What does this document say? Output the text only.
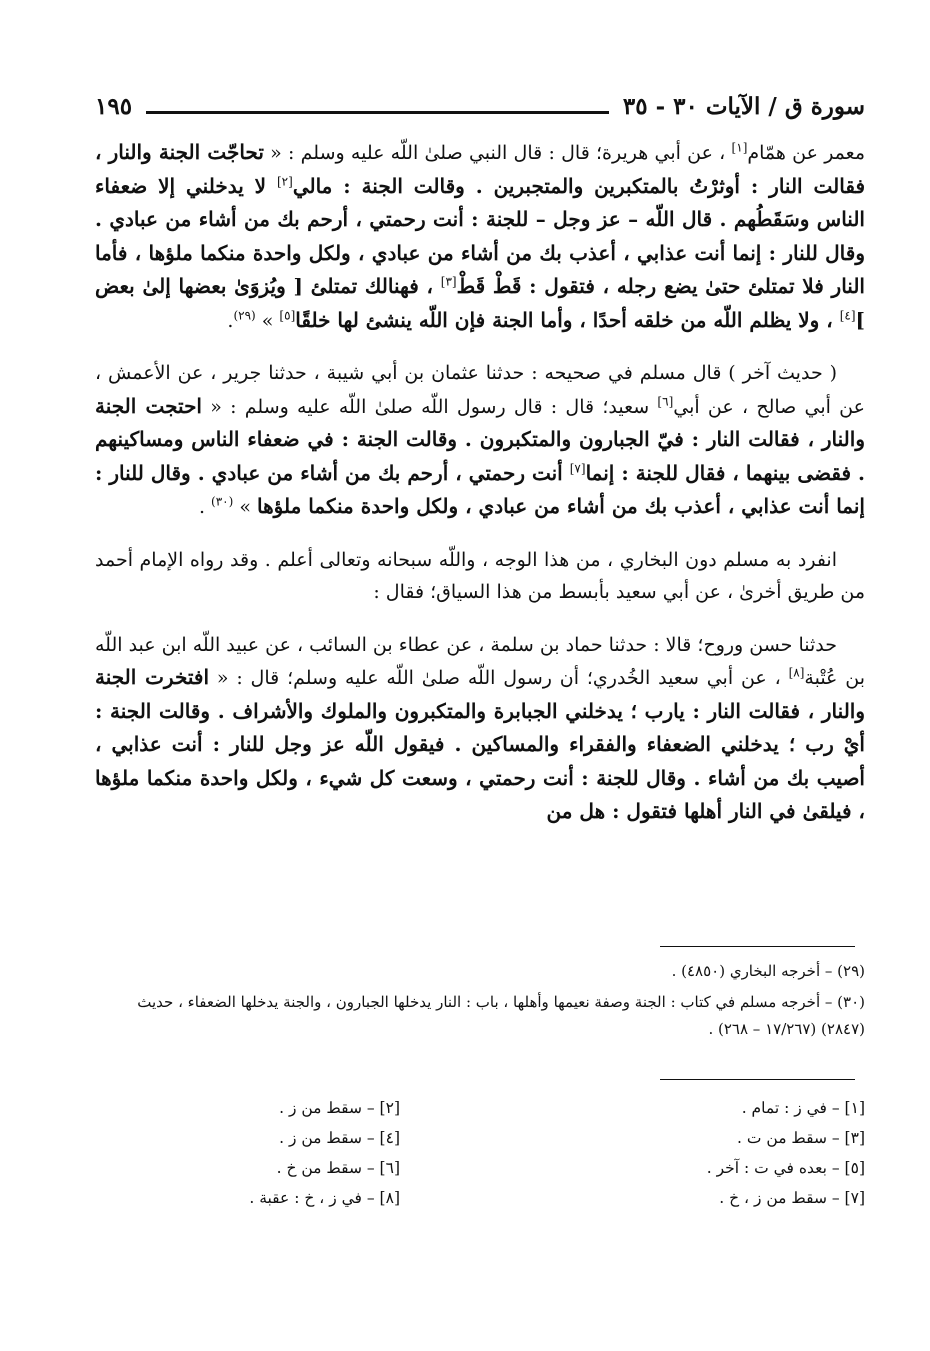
سورة ق / الآيات ٣٠ - ٣٥
١٩٥

معمر عن همّام[١] ، عن أبي هريرة؛ قال : قال النبي صلىٰ اللّه عليه وسلم : « تحاجّت الجنة والنار ، فقالت النار : أوثرْتُ بالمتكبرين والمتجبرين . وقالت الجنة : مالي[٢] لا يدخلني إلا ضعفاء الناس وسَقَطُهم . قال اللّه – عز وجل – للجنة : أنت رحمتي ، أرحم بك من أشاء من عبادي . وقال للنار : إنما أنت عذابي ، أعذب بك من أشاء من عبادي ، ولكل واحدة منكما ملؤها ، فأما النار فلا تمتلئ حتىٰ يضع رجله ، فتقول : قَطْ قَطْ[٣] ، فهنالك تمتلئ [ ويُزوَىٰ بعضها إلىٰ بعض ][٤] ، ولا يظلم اللّه من خلقه أحدًا ، وأما الجنة فإن اللّه ينشئ لها خلقًا[٥] » $^{(٢٩)}$.

( حديث آخر ) قال مسلم في صحيحه : حدثنا عثمان بن أبي شيبة ، حدثنا جرير ، عن الأعمش ، عن أبي صالح ، عن أبي[٦] سعيد؛ قال : قال رسول اللّه صلىٰ اللّه عليه وسلم : « احتجت الجنة والنار ، فقالت النار : فيّ الجبارون والمتكبرون . وقالت الجنة : في ضعفاء الناس ومساكينهم . فقضى بينهما ، فقال للجنة : إنما[٧] أنت رحمتي ، أرحم بك من أشاء من عبادي . وقال للنار : إنما أنت عذابي ، أعذب بك من أشاء من عبادي ، ولكل واحدة منكما ملؤها » $^{(٣٠)}$ .

انفرد به مسلم دون البخاري ، من هذا الوجه ، واللّه سبحانه وتعالى أعلم . وقد رواه الإمام أحمد من طريق أخرىٰ ، عن أبي سعيد بأبسط من هذا السياق؛ فقال :

حدثنا حسن وروح؛ قالا : حدثنا حماد بن سلمة ، عن عطاء بن السائب ، عن عبيد اللّه ابن عبد اللّه بن عُتْبة[٨] ، عن أبي سعيد الخُدري؛ أن رسول اللّه صلىٰ اللّه عليه وسلم؛ قال : « افتخرت الجنة والنار ، فقالت النار : يارب ؛ يدخلني الجبابرة والمتكبرون والملوك والأشراف . وقالت الجنة : أيْ رب ؛ يدخلني الضعفاء والفقراء والمساكين . فيقول اللّه عز وجل للنار : أنت عذابي ، أصيب بك من أشاء . وقال للجنة : أنت رحمتي ، وسعت كل شيء ، ولكل واحدة منكما ملؤها ، فيلقىٰ في النار أهلها فتقول : هل من

(٢٩) – أخرجه البخاري (٤٨٥٠) .

(٣٠) – أخرجه مسلم في كتاب : الجنة وصفة نعيمها وأهلها ، باب : النار يدخلها الجبارون ، والجنة يدخلها الضعفاء ، حديث (٢٨٤٧) (١٧/٢٦٧ – ٢٦٨) .

[١] – في ز : تمام .
[٢] – سقط من ز .
[٣] – سقط من ت .
[٤] – سقط من ز .
[٥] – بعده في ت : آخر .
[٦] – سقط من خ .
[٧] – سقط من ز ، خ .
[٨] – في ز ، خ : عقبة .
